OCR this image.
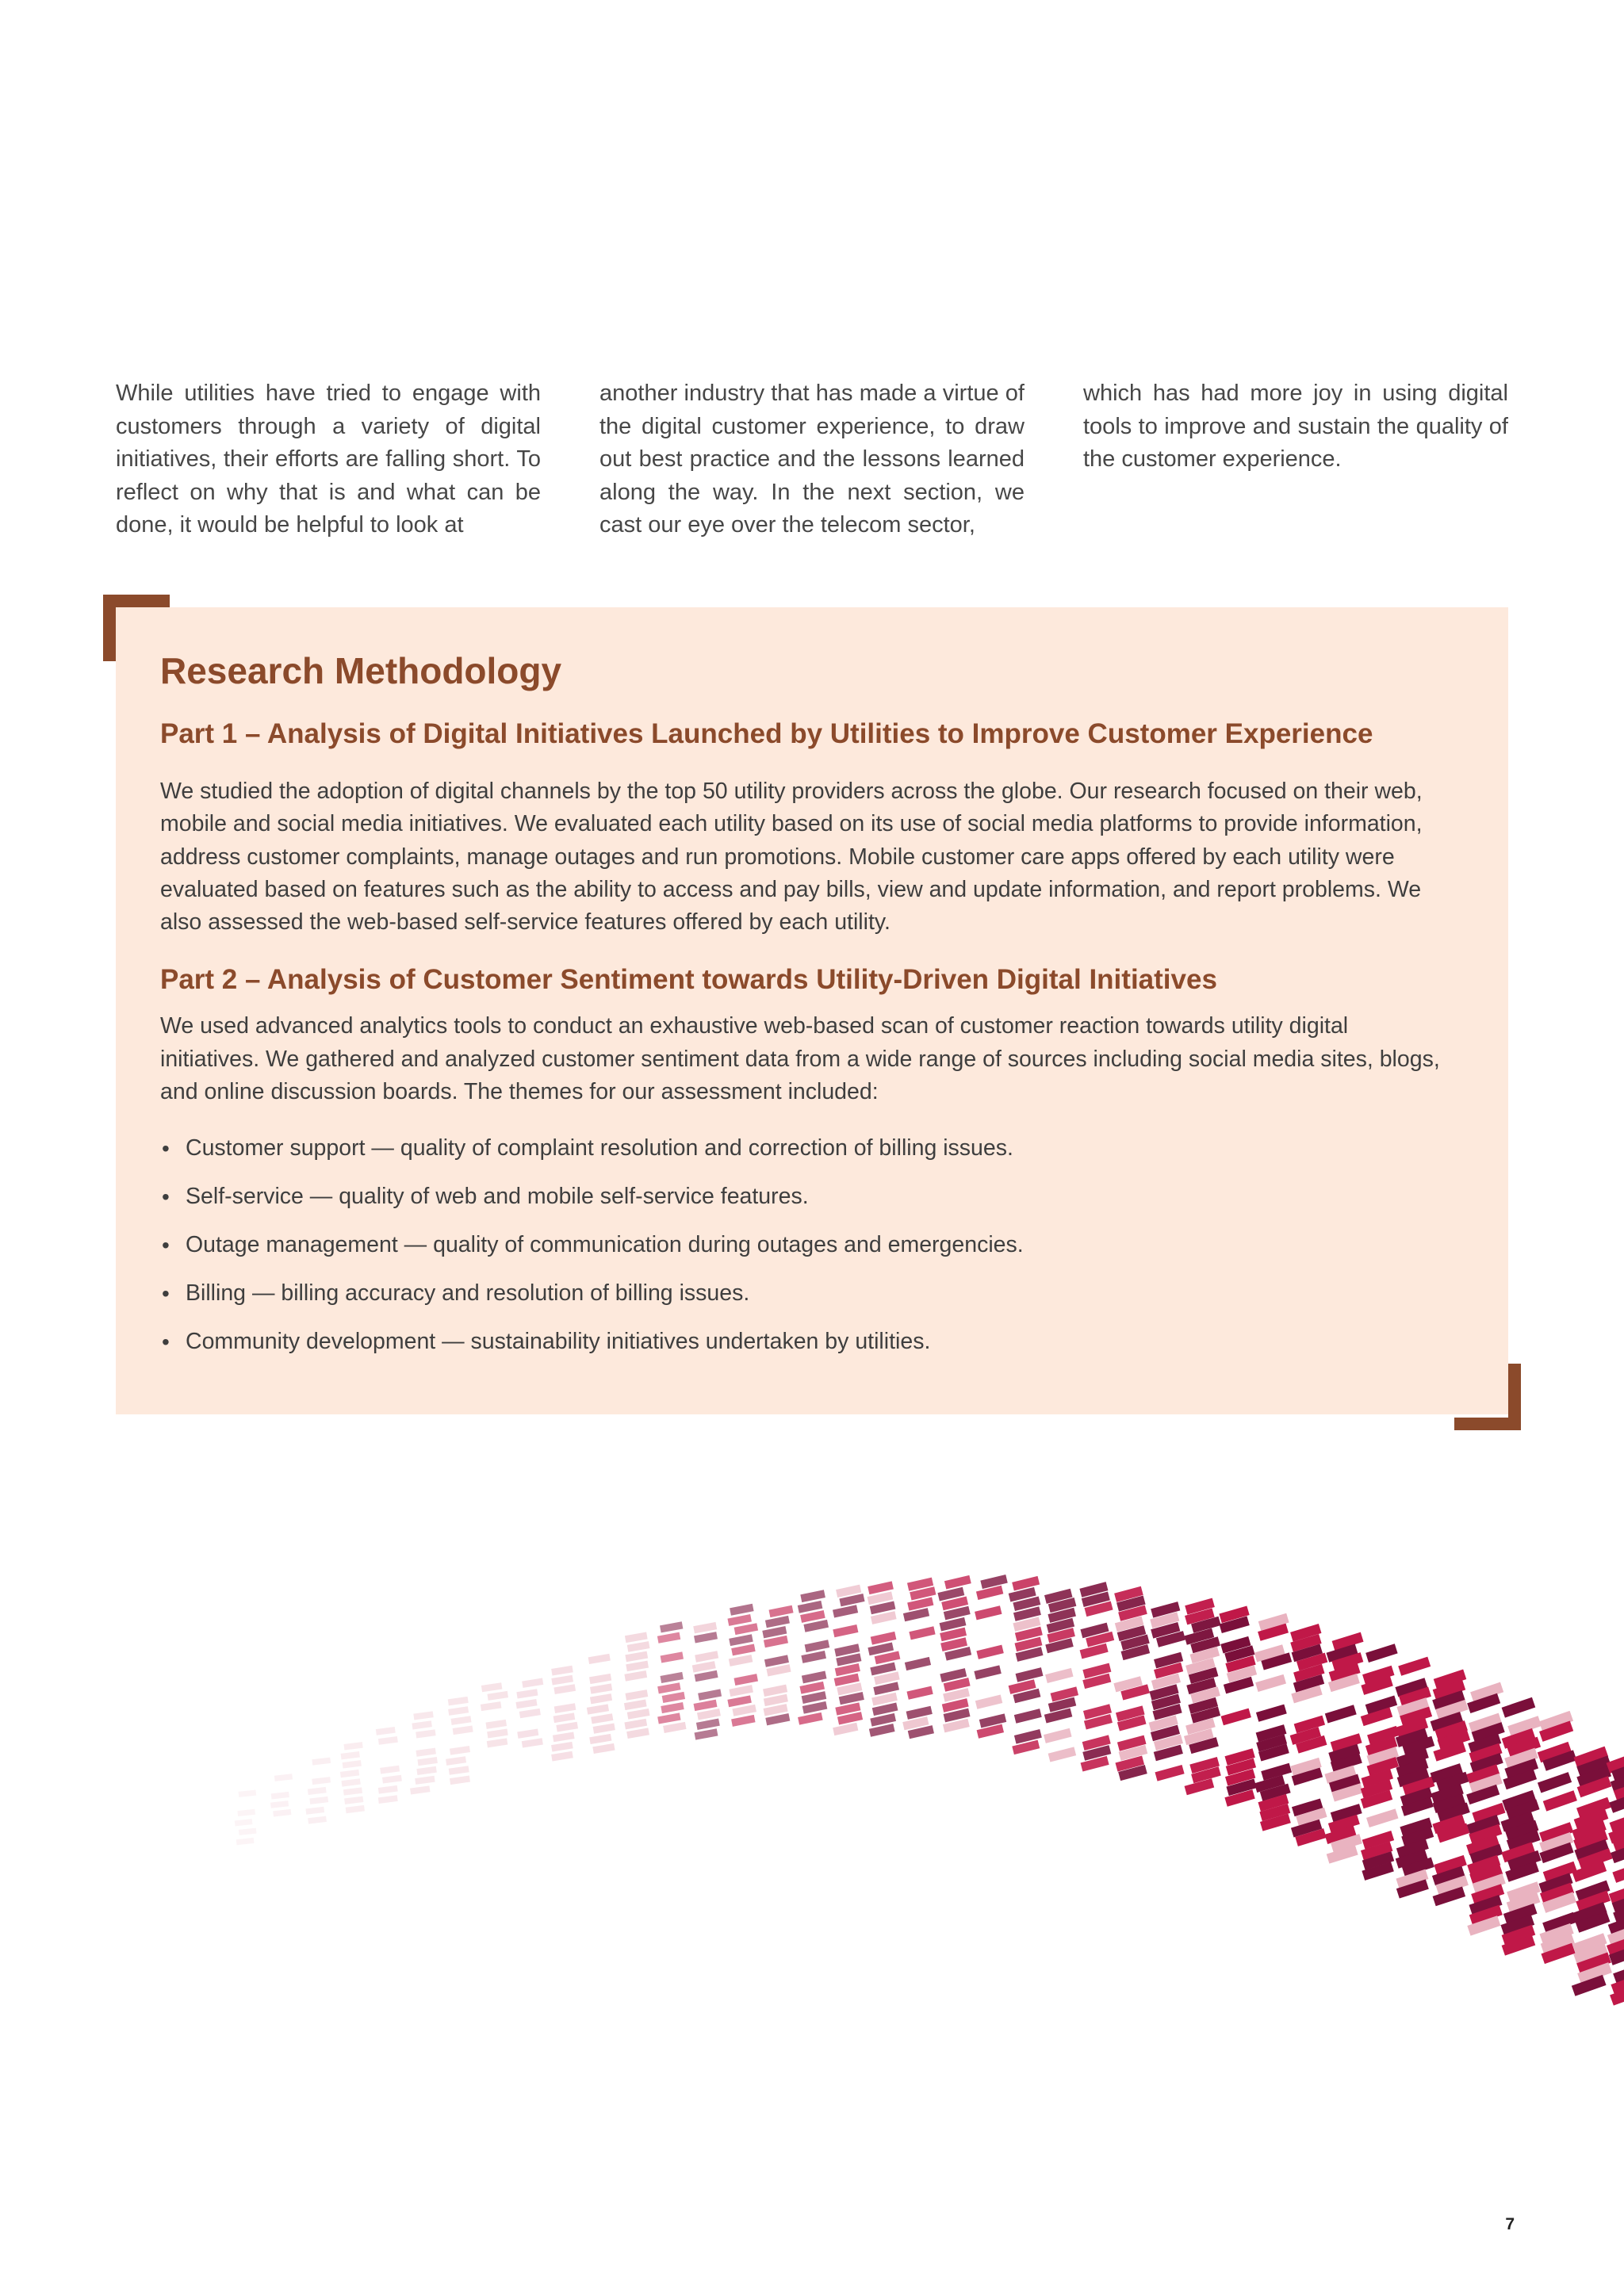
While utilities have tried to engage with customers through a variety of digital initiatives, their efforts are falling short. To reflect on why that is and what can be done, it would be helpful to look at

another industry that has made a virtue of the digital customer experience, to draw out best practice and the lessons learned along the way. In the next section, we cast our eye over the telecom sector,

which has had more joy in using digital tools to improve and sustain the quality of the customer experience.

Research Methodology
Part 1 – Analysis of Digital Initiatives Launched by Utilities to Improve Customer Experience

We studied the adoption of digital channels by the top 50 utility providers across the globe. Our research focused on their web, mobile and social media initiatives. We evaluated each utility based on its use of social media platforms to provide information, address customer complaints, manage outages and run promotions. Mobile customer care apps offered by each utility were evaluated based on features such as the ability to access and pay bills, view and update information, and report problems. We also assessed the web-based self-service features offered by each utility.

Part 2 – Analysis of Customer Sentiment towards Utility-Driven Digital Initiatives

We used advanced analytics tools to conduct an exhaustive web-based scan of customer reaction towards utility digital initiatives. We gathered and analyzed customer sentiment data from a wide range of sources including social media sites, blogs, and online discussion boards. The themes for our assessment included:

• Customer support — quality of complaint resolution and correction of billing issues.
• Self-service — quality of web and mobile self-service features.
• Outage management — quality of communication during outages and emergencies.
• Billing — billing accuracy and resolution of billing issues.
• Community development — sustainability initiatives undertaken by utilities.
7
